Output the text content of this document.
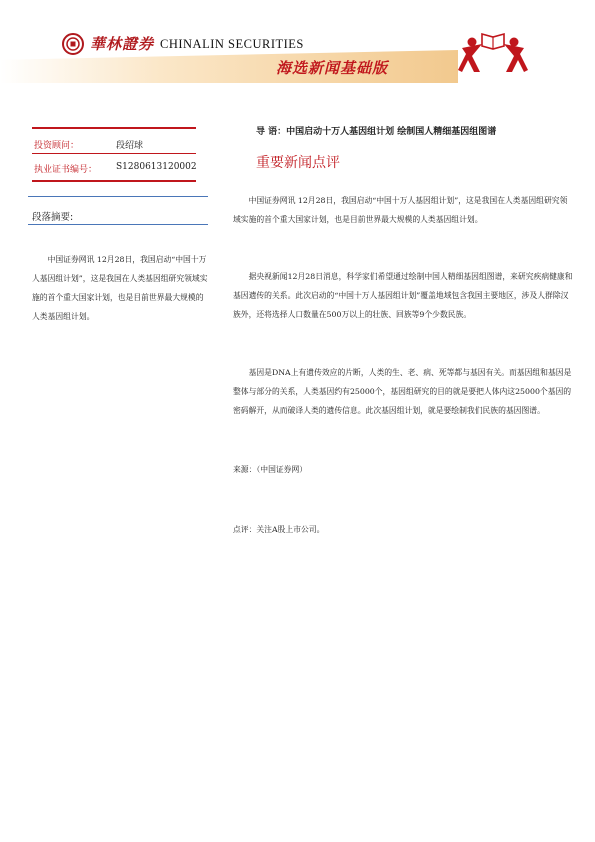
華林證券 CHINALIN SECURITIES
海选新闻基础版
投资顾问：	段绍球
执业证书编号： S1280613120002
段落摘要:

中国证券网讯 12月28日，我国启动“中国十万人基因组计划”，这是我国在人类基因组研究领域实施的首个重大国家计划，也是目前世界最大规模的人类基因组计划。

导 语：中国启动十万人基因组计划 绘制国人精细基因组图谱
重要新闻点评

中国证券网讯 12月28日，我国启动“中国十万人基因组计划”，这是我国在人类基因组研究领域实施的首个重大国家计划，也是目前世界最大规模的人类基因组计划。

据央视新闻12月28日消息，科学家们希望通过绘制中国人精细基因组图谱，来研究疾病健康和基因遗传的关系。此次启动的“中国十万人基因组计划”覆盖地域包含我国主要地区，涉及人群除汉族外，还将选择人口数量在500万以上的壮族、回族等9个少数民族。

基因是DNA上有遗传效应的片断，人类的生、老、病、死等都与基因有关。而基因组和基因是整体与部分的关系，人类基因约有25000个，基因组研究的目的就是要把人体内这25000个基因的密码解开，从而破译人类的遗传信息。此次基因组计划，就是要绘制我们民族的基因图谱。

来源：（中国证券网）
点评：关注A股上市公司。
